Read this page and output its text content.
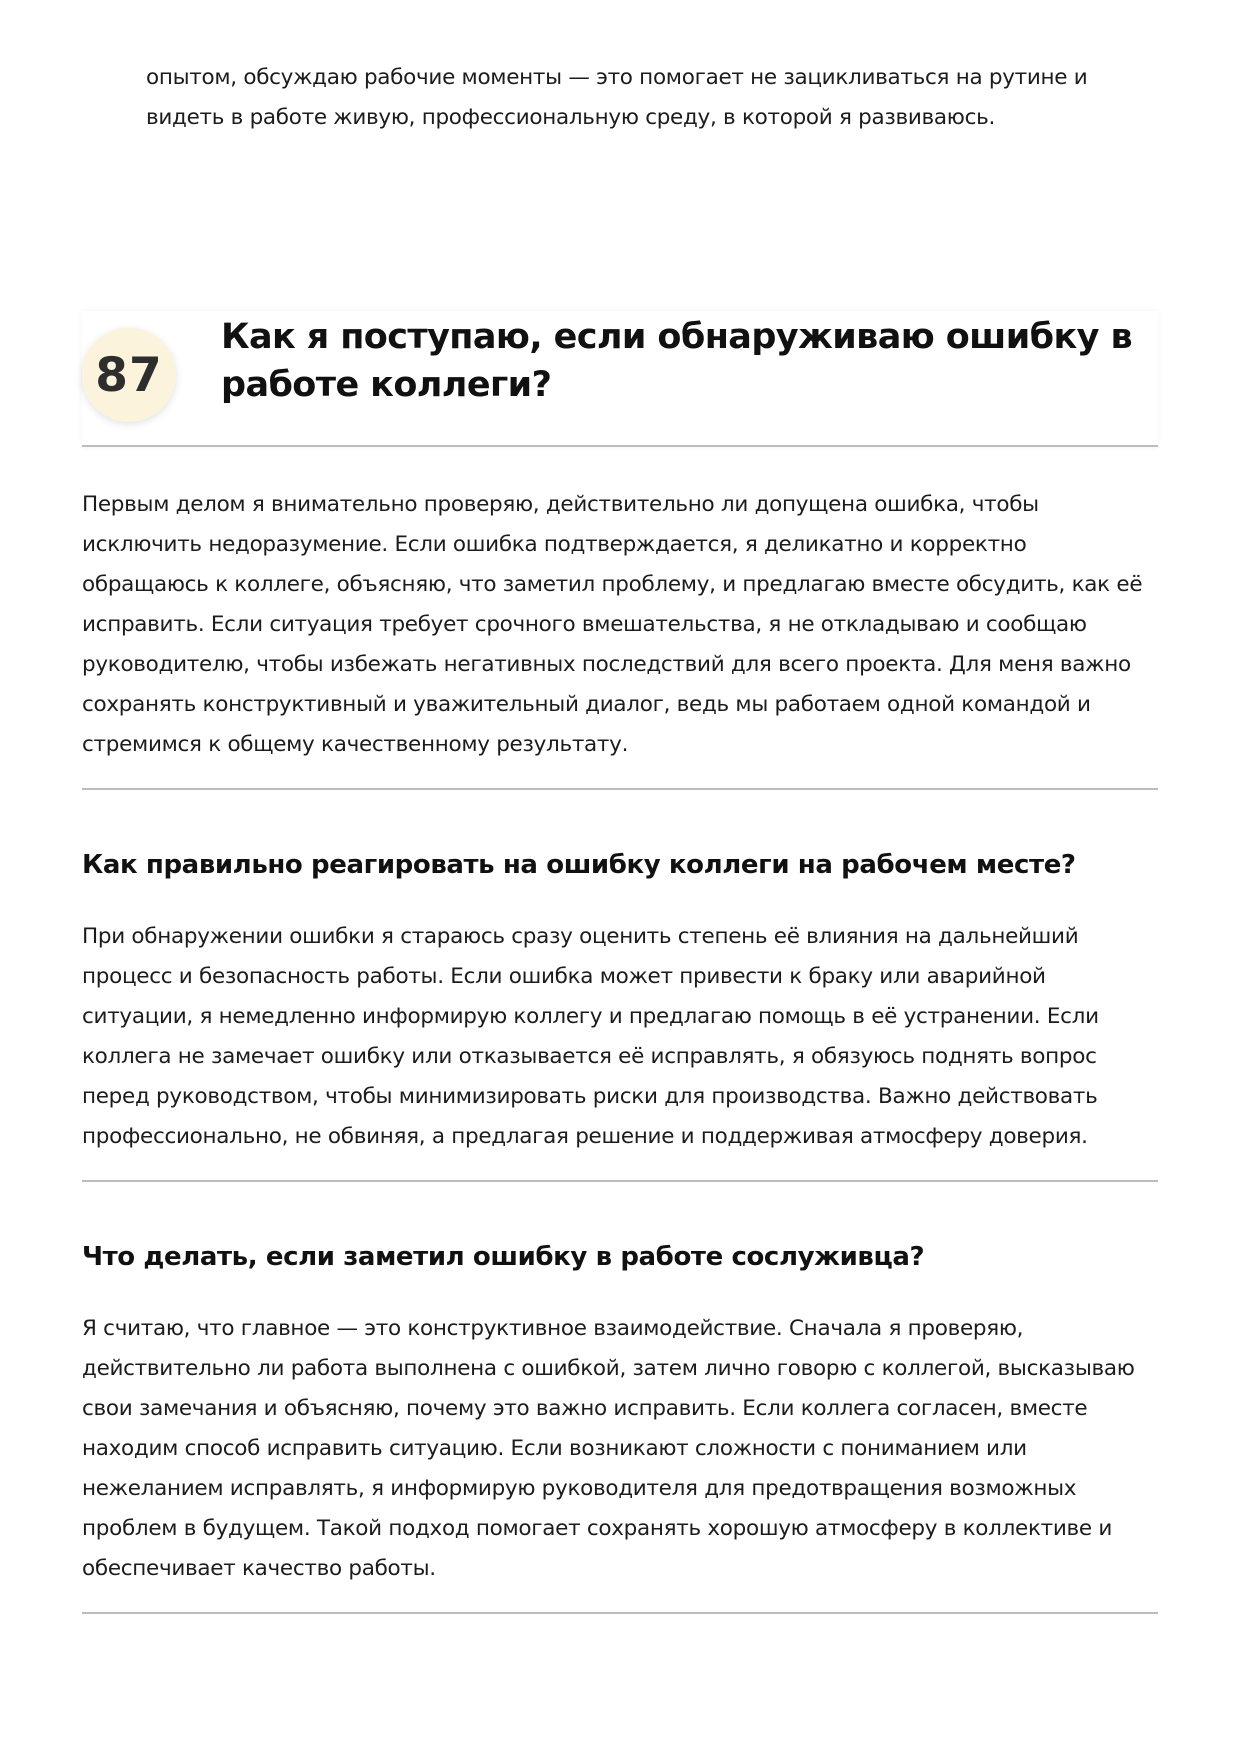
опытом, обсуждаю рабочие моменты — это помогает не зацикливаться на рутине и видеть в работе живую, профессиональную среду, в которой я развиваюсь.

87
Как я поступаю, если обнаруживаю ошибку в работе коллеги?

Первым делом я внимательно проверяю, действительно ли допущена ошибка, чтобы исключить недоразумение. Если ошибка подтверждается, я деликатно и корректно обращаюсь к коллеге, объясняю, что заметил проблему, и предлагаю вместе обсудить, как её исправить. Если ситуация требует срочного вмешательства, я не откладываю и сообщаю руководителю, чтобы избежать негативных последствий для всего проекта. Для меня важно сохранять конструктивный и уважительный диалог, ведь мы работаем одной командой и стремимся к общему качественному результату.

Как правильно реагировать на ошибку коллеги на рабочем месте?

При обнаружении ошибки я стараюсь сразу оценить степень её влияния на дальнейший процесс и безопасность работы. Если ошибка может привести к браку или аварийной ситуации, я немедленно информирую коллегу и предлагаю помощь в её устранении. Если коллега не замечает ошибку или отказывается её исправлять, я обязуюсь поднять вопрос перед руководством, чтобы минимизировать риски для производства. Важно действовать профессионально, не обвиняя, а предлагая решение и поддерживая атмосферу доверия.

Что делать, если заметил ошибку в работе сослуживца?

Я считаю, что главное — это конструктивное взаимодействие. Сначала я проверяю, действительно ли работа выполнена с ошибкой, затем лично говорю с коллегой, высказываю свои замечания и объясняю, почему это важно исправить. Если коллега согласен, вместе находим способ исправить ситуацию. Если возникают сложности с пониманием или нежеланием исправлять, я информирую руководителя для предотвращения возможных проблем в будущем. Такой подход помогает сохранять хорошую атмосферу в коллективе и обеспечивает качество работы.
